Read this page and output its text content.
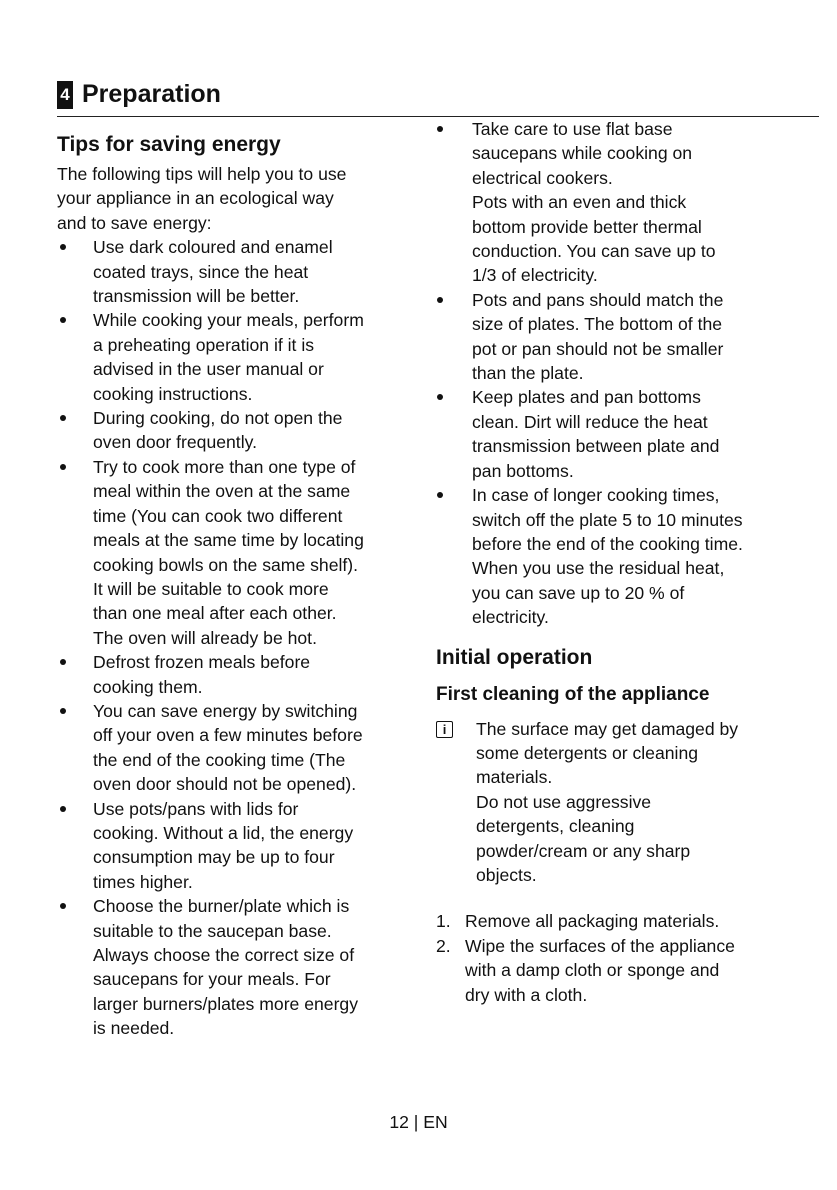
4 Preparation
Tips for saving energy

The following tips will help you to use
your appliance in an ecological way
and to save energy:

Use dark coloured and enamel
coated trays, since the heat
transmission will be better.
While cooking your meals, perform
a preheating operation if it is
advised in the user manual or
cooking instructions.
During cooking, do not open the
oven door frequently.
Try to cook more than one type of
meal within the oven at the same
time (You can cook two different
meals at the same time by locating
cooking bowls on the same shelf).
It will be suitable to cook more
than one meal after each other.
The oven will already be hot.
Defrost frozen meals before
cooking them.
You can save energy by switching
off your oven a few minutes before
the end of the cooking time (The
oven door should not be opened).
Use pots/pans with lids for
cooking. Without a lid, the energy
consumption may be up to four
times higher.
Choose the burner/plate which is
suitable to the saucepan base.
Always choose the correct size of
saucepans for your meals. For
larger burners/plates more energy
is needed.
Take care to use flat base
saucepans while cooking on
electrical cookers.
Pots with an even and thick
bottom provide better thermal
conduction. You can save up to
1/3 of electricity.
Pots and pans should match the
size of plates. The bottom of the
pot or pan should not be smaller
than the plate.
Keep plates and pan bottoms
clean. Dirt will reduce the heat
transmission between plate and
pan bottoms.
In case of longer cooking times,
switch off the plate 5 to 10 minutes
before the end of the cooking time.
When you use the residual heat,
you can save up to 20 % of
electricity.
Initial operation
First cleaning of the appliance
i
The surface may get damaged by
some detergents or cleaning
materials.
Do not use aggressive
detergents, cleaning
powder/cream or any sharp
objects.
1. Remove all packaging materials.
2. Wipe the surfaces of the appliance
with a damp cloth or sponge and
dry with a cloth.
12 | EN
